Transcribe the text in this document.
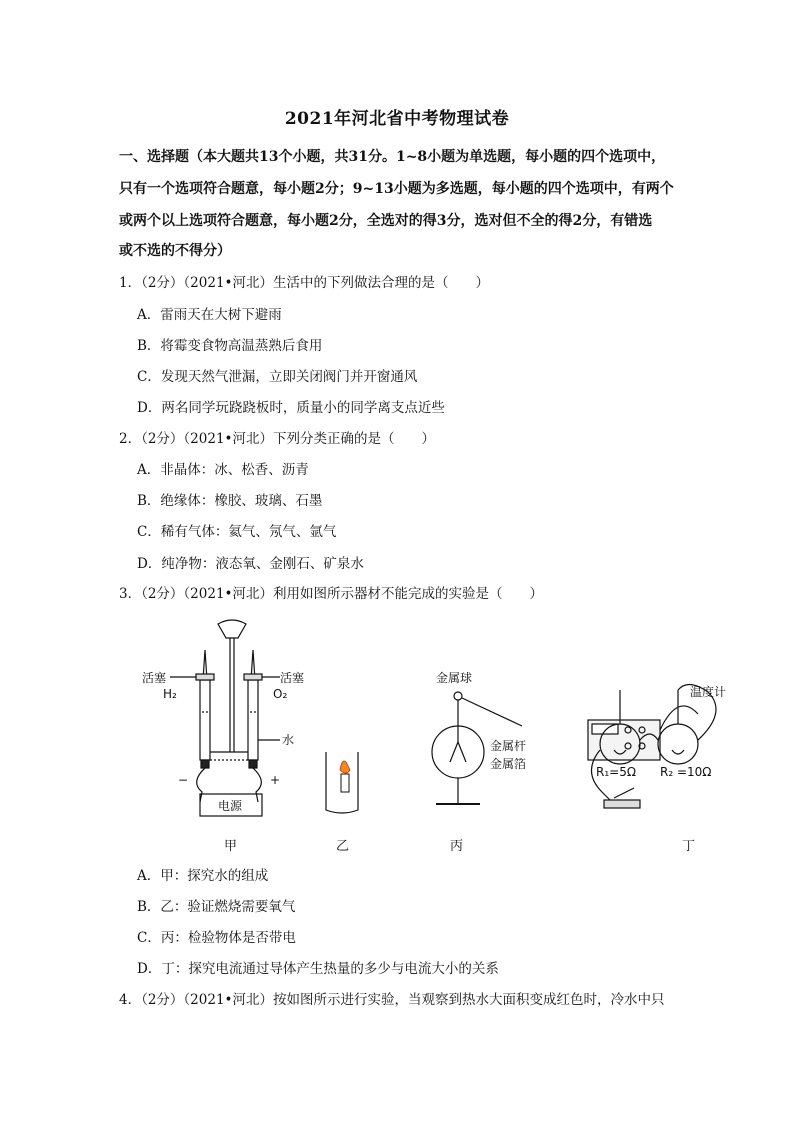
2021年河北省中考物理试卷
一、选择题（本大题共13个小题，共31分。1~8小题为单选题，每小题的四个选项中，
只有一个选项符合题意，每小题2分；9~13小题为多选题，每小题的四个选项中，有两个
或两个以上选项符合题意，每小题2分，全选对的得3分，选对但不全的得2分，有错选
或不选的不得分）
1．（2分）（2021•河北）生活中的下列做法合理的是（　　）
A．雷雨天在大树下避雨
B．将霉变食物高温蒸熟后食用
C．发现天然气泄漏，立即关闭阀门并开窗通风
D．两名同学玩跷跷板时，质量小的同学离支点近些
2．（2分）（2021•河北）下列分类正确的是（　　）
A．非晶体：冰、松香、沥青
B．绝缘体：橡胶、玻璃、石墨
C．稀有气体：氦气、氖气、氩气
D．纯净物：液态氧、金刚石、矿泉水
3．（2分）（2021•河北）利用如图所示器材不能完成的实验是（　　）
活塞	活塞
H₂	O₂
水
−	+
电源
甲	乙
金属球
金属杆
金属箔
丙	丁
温度计
R₁=5Ω R₂ =10Ω
A．甲：探究水的组成
B．乙：验证燃烧需要氧气
C．丙：检验物体是否带电
D．丁：探究电流通过导体产生热量的多少与电流大小的关系
4．（2分）（2021•河北）按如图所示进行实验，当观察到热水大面积变成红色时，冷水中只
